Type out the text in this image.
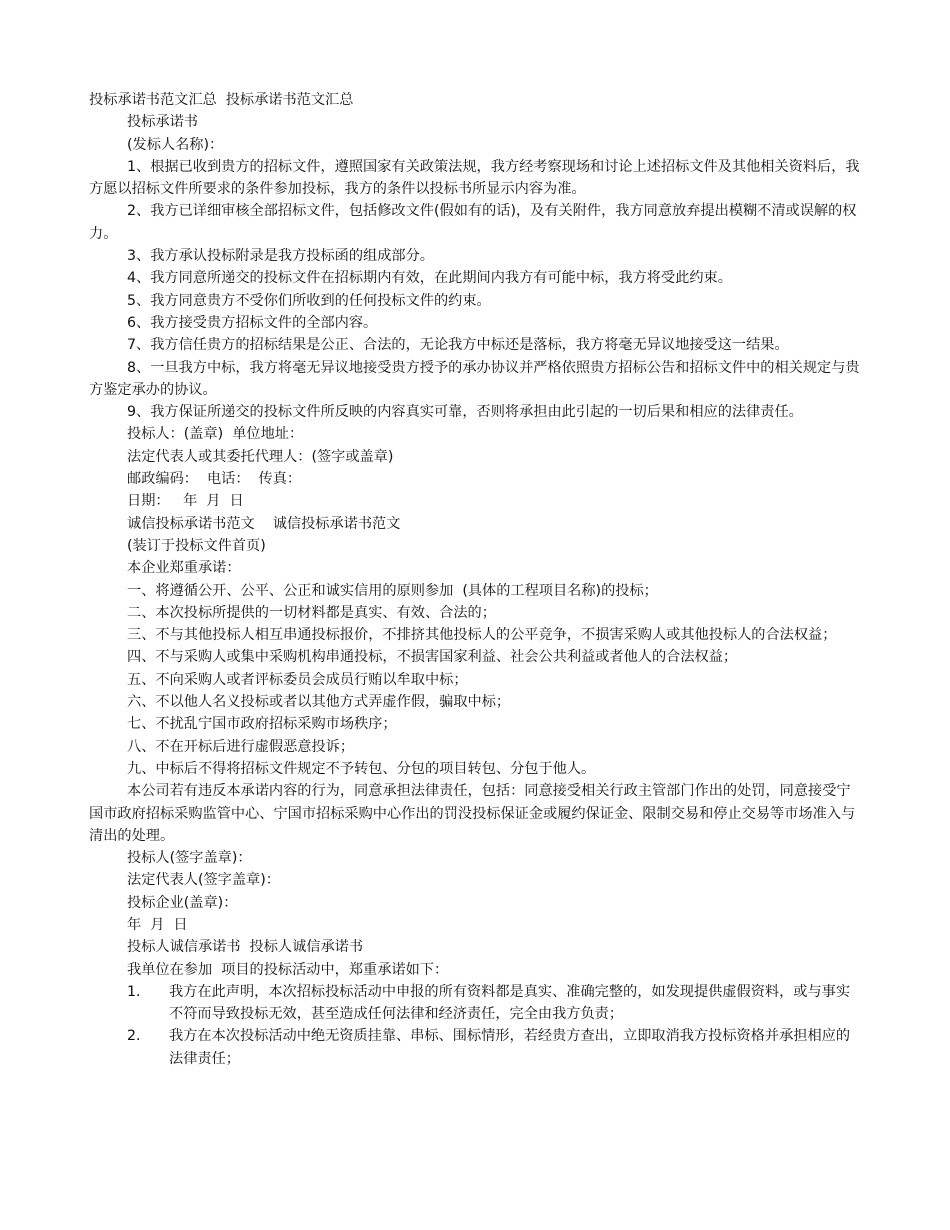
投标承诺书范文汇总  投标承诺书范文汇总

投标承诺书

(发标人名称)：

1、根据已收到贵方的招标文件，遵照国家有关政策法规，我方经考察现场和讨论上述招标文件及其他相关资料后，我方愿以招标文件所要求的条件参加投标，我方的条件以投标书所显示内容为准。

2、我方已详细审核全部招标文件，包括修改文件(假如有的话)，及有关附件，我方同意放弃提出模糊不清或误解的权力。

3、我方承认投标附录是我方投标函的组成部分。

4、我方同意所递交的投标文件在招标期内有效，在此期间内我方有可能中标，我方将受此约束。

5、我方同意贵方不受你们所收到的任何投标文件的约束。

6、我方接受贵方招标文件的全部内容。

7、我方信任贵方的招标结果是公正、合法的，无论我方中标还是落标，我方将毫无异议地接受这一结果。

8、一旦我方中标，我方将毫无异议地接受贵方授予的承办协议并严格依照贵方招标公告和招标文件中的相关规定与贵方鉴定承办的协议。

9、我方保证所递交的投标文件所反映的内容真实可靠，否则将承担由此引起的一切后果和相应的法律责任。

投标人：(盖章)  单位地址：

法定代表人或其委托代理人：(签字或盖章)

邮政编码：  电话：  传真：

日期：   年  月  日

诚信投标承诺书范文    诚信投标承诺书范文

(装订于投标文件首页)

本企业郑重承诺：

一、将遵循公开、公平、公正和诚实信用的原则参加  (具体的工程项目名称)的投标；

二、本次投标所提供的一切材料都是真实、有效、合法的；

三、不与其他投标人相互串通投标报价，不排挤其他投标人的公平竞争，不损害采购人或其他投标人的合法权益；

四、不与采购人或集中采购机构串通投标，不损害国家利益、社会公共利益或者他人的合法权益；

五、不向采购人或者评标委员会成员行贿以牟取中标；

六、不以他人名义投标或者以其他方式弄虚作假，骗取中标；

七、不扰乱宁国市政府招标采购市场秩序；

八、不在开标后进行虚假恶意投诉；

九、中标后不得将招标文件规定不予转包、分包的项目转包、分包于他人。

本公司若有违反本承诺内容的行为，同意承担法律责任，包括：同意接受相关行政主管部门作出的处罚，同意接受宁国市政府招标采购监管中心、宁国市招标采购中心作出的罚没投标保证金或履约保证金、限制交易和停止交易等市场准入与清出的处理。

投标人(签字盖章)：

法定代表人(签字盖章)：

投标企业(盖章)：

年  月  日

投标人诚信承诺书  投标人诚信承诺书

我单位在参加  项目的投标活动中，郑重承诺如下：

1．	我方在此声明，本次招标投标活动中申报的所有资料都是真实、准确完整的，如发现提供虚假资料，或与事实不符而导致投标无效，甚至造成任何法律和经济责任，完全由我方负责；
2．	我方在本次投标活动中绝无资质挂靠、串标、围标情形，若经贵方查出，立即取消我方投标资格并承担相应的法律责任；
